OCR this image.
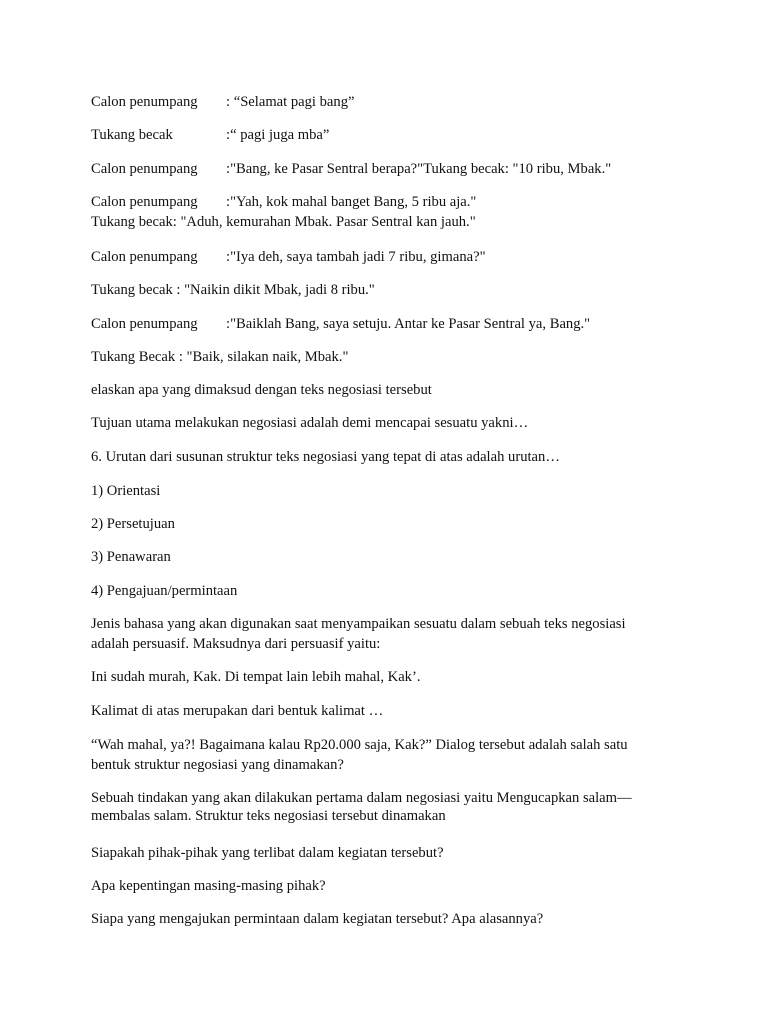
Calon penumpang : “Selamat pagi bang”
Tukang becak	:“ pagi juga mba”
Calon penumpang :"Bang, ke Pasar Sentral berapa?"Tukang becak: "10 ribu, Mbak."
Calon penumpang :"Yah, kok mahal banget Bang, 5 ribu aja."
Tukang becak: "Aduh, kemurahan Mbak. Pasar Sentral kan jauh."
Calon penumpang :"Iya deh, saya tambah jadi 7 ribu, gimana?"
Tukang becak : "Naikin dikit Mbak, jadi 8 ribu."
Calon penumpang :"Baiklah Bang, saya setuju. Antar ke Pasar Sentral ya, Bang."
Tukang Becak : "Baik, silakan naik, Mbak."
elaskan apa yang dimaksud dengan teks negosiasi tersebut
Tujuan utama melakukan negosiasi adalah demi mencapai sesuatu yakni…
6. Urutan dari susunan struktur teks negosiasi yang tepat di atas adalah urutan…
1) Orientasi
2) Persetujuan
3) Penawaran
4) Pengajuan/permintaan
Jenis bahasa yang akan digunakan saat menyampaikan sesuatu dalam sebuah teks negosiasi
adalah persuasif. Maksudnya dari persuasif yaitu:
Ini sudah murah, Kak. Di tempat lain lebih mahal, Kak’.
Kalimat di atas merupakan dari bentuk kalimat …
“Wah mahal, ya?! Bagaimana kalau Rp20.000 saja, Kak?” Dialog tersebut adalah salah satu
bentuk struktur negosiasi yang dinamakan?
Sebuah tindakan yang akan dilakukan pertama dalam negosiasi yaitu Mengucapkan salam—
membalas salam. Struktur teks negosiasi tersebut dinamakan
Siapakah pihak-pihak yang terlibat dalam kegiatan tersebut?
Apa kepentingan masing-masing pihak?
Siapa yang mengajukan permintaan dalam kegiatan tersebut? Apa alasannya?
